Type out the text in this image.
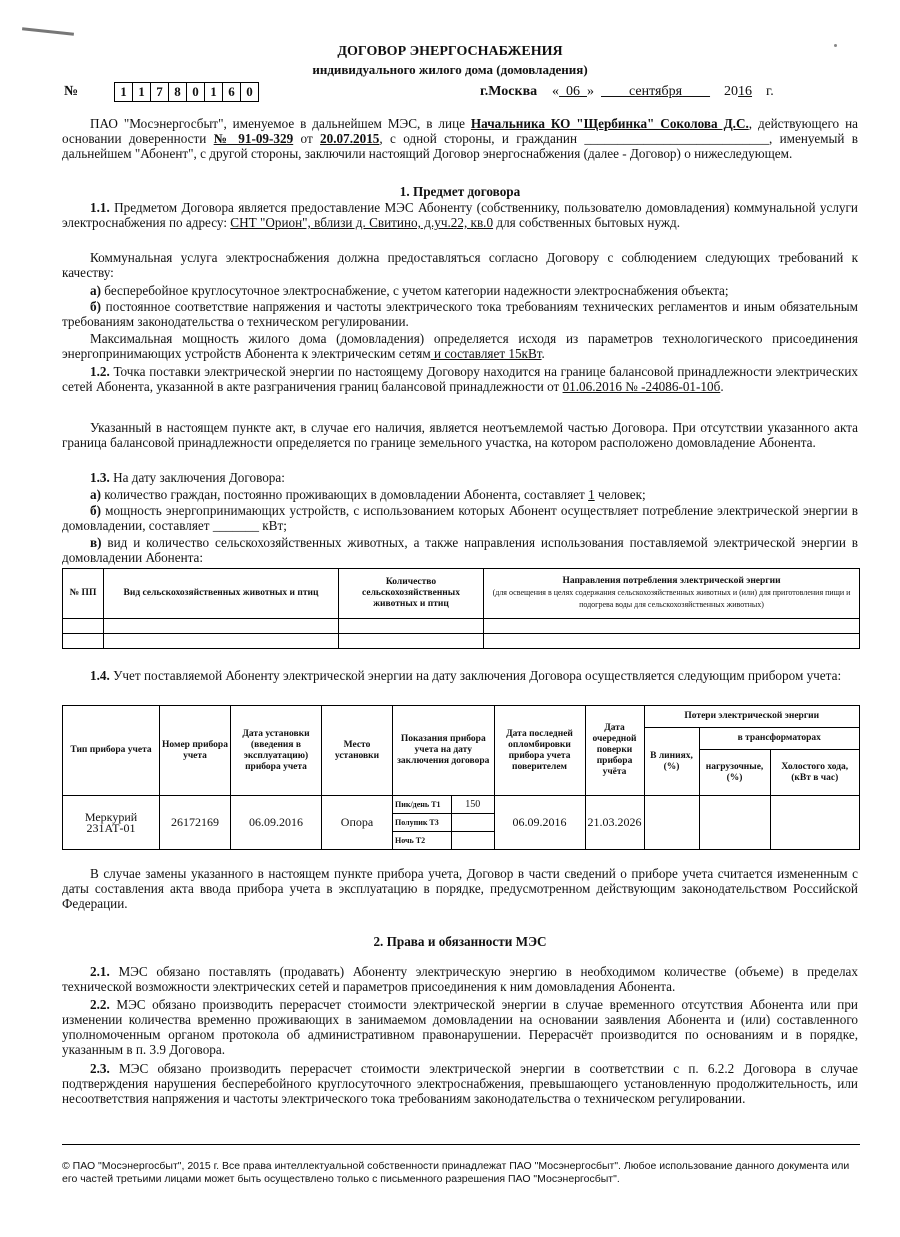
ДОГОВОР ЭНЕРГОСНАБЖЕНИЯ
индивидуального жилого дома (домовладения)
№	1 1 7 8 0 1 6 0	г.Москва « 06 »          сентября	2016 г.
ПАО "Мосэнергосбыт", именуемое в дальнейшем МЭС, в лице Начальника КО "Щербинка" Соколова Д.С., действующего на основании доверенности № 91-09-329 от 20.07.2015, с одной стороны, и гражданин ____________________________, именуемый в дальнейшем "Абонент", с другой стороны, заключили настоящий Договор энергоснабжения (далее - Договор) о нижеследующем.
1. Предмет договора
1.1. Предметом Договора является предоставление МЭС Абоненту (собственнику, пользователю домовладения) коммунальной услуги электроснабжения по адресу: СНТ "Орион", вблизи д. Свитино, д.уч.22, кв.0 для собственных бытовых нужд.
Коммунальная услуга электроснабжения должна предоставляться согласно Договору с соблюдением следующих требований к качеству:
а) бесперебойное круглосуточное электроснабжение, с учетом категории надежности электроснабжения объекта;
б) постоянное соответствие напряжения и частоты электрического тока требованиям технических регламентов и иным обязательным требованиям законодательства о техническом регулировании.
Максимальная мощность жилого дома (домовладения) определяется исходя из параметров технологического присоединения энергопринимающих устройств Абонента к электрическим сетям и составляет 15кВт.
1.2. Точка поставки электрической энергии по настоящему Договору находится на границе балансовой принадлежности электрических сетей Абонента, указанной в акте разграничения границ балансовой принадлежности от 01.06.2016 № -24086-01-10б.
Указанный в настоящем пункте акт, в случае его наличия, является неотъемлемой частью Договора. При отсутствии указанного акта граница балансовой принадлежности определяется по границе земельного участка, на котором расположено домовладение Абонента.
1.3. На дату заключения Договора:
а) количество граждан, постоянно проживающих в домовладении Абонента, составляет 1 человек;
б) мощность энергопринимающих устройств, с использованием которых Абонент осуществляет потребление электрической энергии в домовладении, составляет _______ кВт;
в) вид и количество сельскохозяйственных животных, а также направления использования поставляемой электрической энергии в домовладении Абонента:
№ ПП	Вид сельскохозяйственных животных и птиц	Количество сельскохозяйственных животных и птиц	Направления потребления электрической энергии
(для освещения в целях содержания сельскохозяйственных животных и (или) для приготовления пищи и подогрева воды для сельскохозяйственных животных)

1.4. Учет поставляемой Абоненту электрической энергии на дату заключения Договора осуществляется следующим прибором учета:
Тип прибора учета	Номер прибора учета	Дата установки (введения в эксплуатацию) прибора учета	Место установки	Показания прибора учета на дату заключения договора		Дата последней опломбировки прибора учета поверителем	Дата очередной поверки прибора учёта	Потери электрической энергии		
								В линиях, (%)	в трансформаторах	
									нагрузочные, (%)	Холостого хода, (кВт в час)
Меркурий 231АТ-01	26172169	06.09.2016	Опора	Пик/день Т1	150	06.09.2016	21.03.2026			
				Полупик Т3						
				Ночь Т2						
В случае замены указанного в настоящем пункте прибора учета, Договор в части сведений о приборе учета считается измененным с даты составления акта ввода прибора учета в эксплуатацию в порядке, предусмотренном действующим законодательством Российской Федерации.
2. Права и обязанности МЭС
2.1. МЭС обязано поставлять (продавать) Абоненту электрическую энергию в необходимом количестве (объеме) в пределах технической возможности электрических сетей и параметров присоединения к ним домовладения Абонента.
2.2. МЭС обязано производить перерасчет стоимости электрической энергии в случае временного отсутствия Абонента или при изменении количества временно проживающих в занимаемом домовладении на основании заявления Абонента и (или) составленного уполномоченным органом протокола об административном правонарушении. Перерасчёт производится по основаниям и в порядке, указанным в п. 3.9 Договора.
2.3. МЭС обязано производить перерасчет стоимости электрической энергии в соответствии с п. 6.2.2 Договора в случае подтверждения нарушения бесперебойного круглосуточного электроснабжения, превышающего установленную продолжительность, или несоответствия напряжения и частоты электрического тока требованиям законодательства о техническом регулировании.
© ПАО "Мосэнергосбыт", 2015 г. Все права интеллектуальной собственности принадлежат ПАО "Мосэнергосбыт". Любое использование данного документа или его частей третьими лицами может быть осуществлено только с письменного разрешения ПАО "Мосэнергосбыт".
